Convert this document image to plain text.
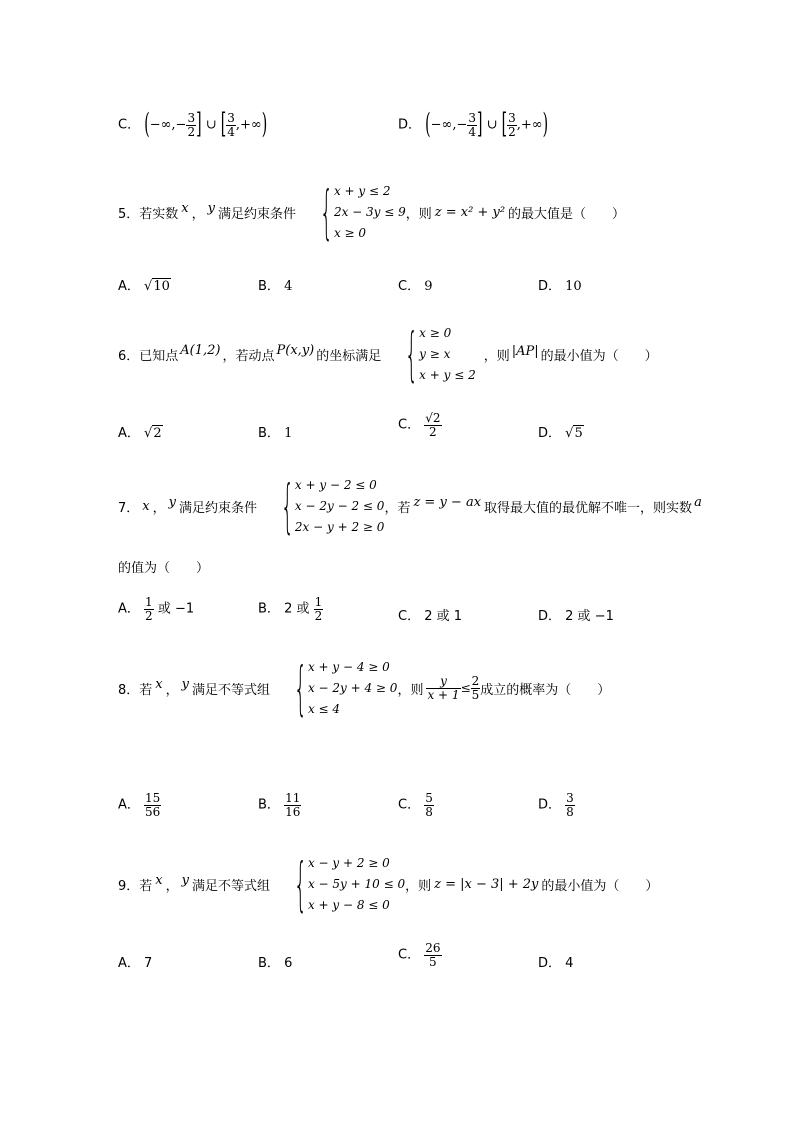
C． (−∞,− $\frac{3}{2}$ ] ∪ [ $\frac{3}{4}$ ,+∞)	D． (−∞,− $\frac{3}{4}$ ] ∪ [ $\frac{3}{2}$ ,+∞)
5． 若实数 x ， y 满足约束条件 { x + y ≤ 2
2x − 3y ≤ 9
x ≥ 0
，则 z = x² + y² 的最大值是（　　）
A． √10	B． 4	C． 9	D． 10
6． 已知点 A(1,2) ，若动点 P(x,y) 的坐标满足 { x ≥ 0
y ≥ x
x + y ≤ 2
，则 |AP| 的最小值为（　　）
A． √2	B． 1
C． $\frac{√2}{2}$	D． √5
7． x ， y 满足约束条件 { x + y − 2 ≤ 0
x − 2y − 2 ≤ 0
2x − y + 2 ≥ 0
，若 z = y − ax 取得最大值的最优解不唯一，则实数 a
的值为（　　）
A． $\frac{1}{2}$ 或 −1	B． 2 或 $\frac{1}{2}$	C． 2 或 1	D． 2 或 −1
8． 若 x ， y 满足不等式组 { x + y − 4 ≥ 0
x − 2y + 4 ≥ 0
x ≤ 4
，则 $\frac{y}{x + 1} \le \frac{2}{5}$ 成立的概率为（　　）
A． $\frac{15}{56}$	B． $\frac{11}{16}$	C． $\frac{5}{8}$	D． $\frac{3}{8}$
9． 若 x ， y 满足不等式组 { x − y + 2 ≥ 0
x − 5y + 10 ≤ 0
x + y − 8 ≤ 0
，则 z = |x − 3| + 2y 的最小值为（　　）
A． 7	B． 6
C． $\frac{26}{5}$	D． 4
